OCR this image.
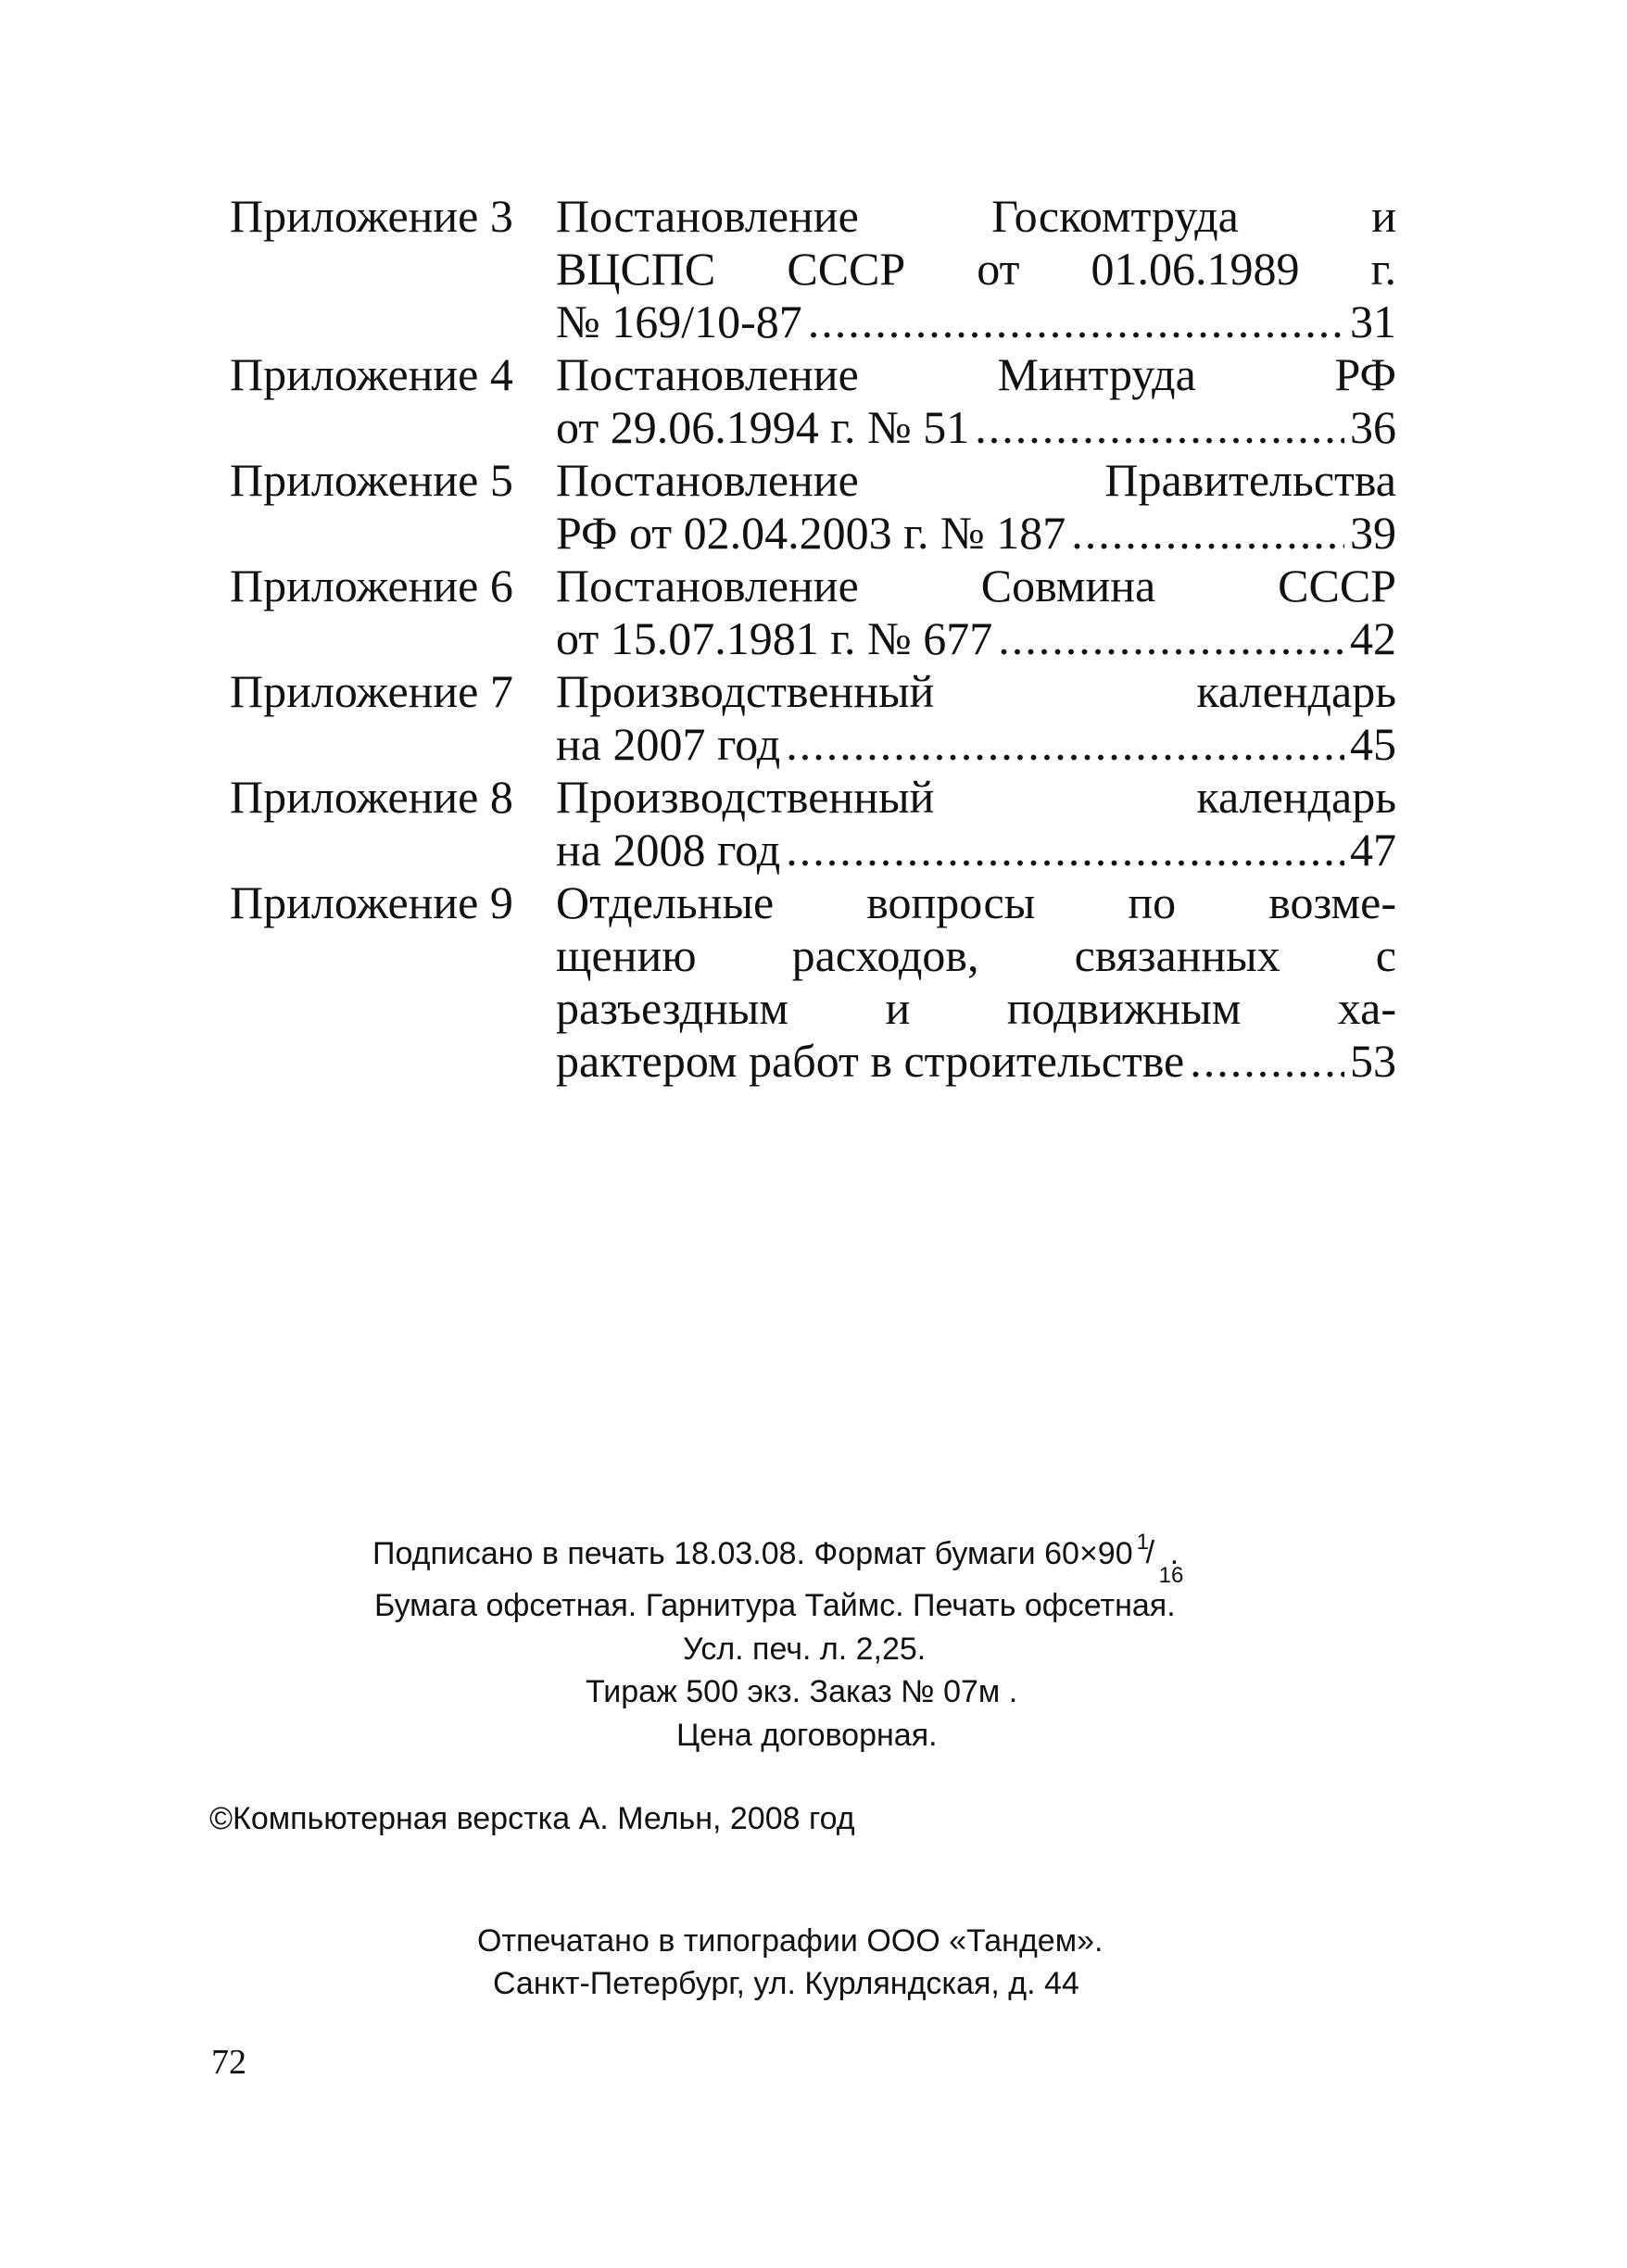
Приложение 3 Постановление Госкомтруда и
ВЦСПС СССР от 01.06.1989 г.
№ 169/10-87 .....	31
Приложение 4 Постановление Минтруда РФ
от 29.06.1994 г. № 51 .....	36
Приложение 5 Постановление Правительства
РФ от 02.04.2003 г. № 187 .....	39
Приложение 6 Постановление Совмина СССР
от 15.07.1981 г. № 677 .....	42
Приложение 7 Производственный календарь
на 2007 год .....	45
Приложение 8 Производственный календарь
на 2008 год .....	47
Приложение 9 Отдельные вопросы по возме-
щению расходов, связанных с
разъездным и подвижным ха-
рактером работ в строительстве .....	53
Подписано в печать 18.03.08. Формат бумаги 60×90 1
/
16
.
Бумага офсетная. Гарнитура Таймс. Печать офсетная.
Усл. печ. л. 2,25.
Тираж 500 экз. Заказ № 07м .
Цена договорная.
©Компьютерная верстка А. Мельн, 2008 год
Отпечатано в типографии ООО «Тандем».
Санкт-Петербург, ул. Курляндская, д. 44
72
